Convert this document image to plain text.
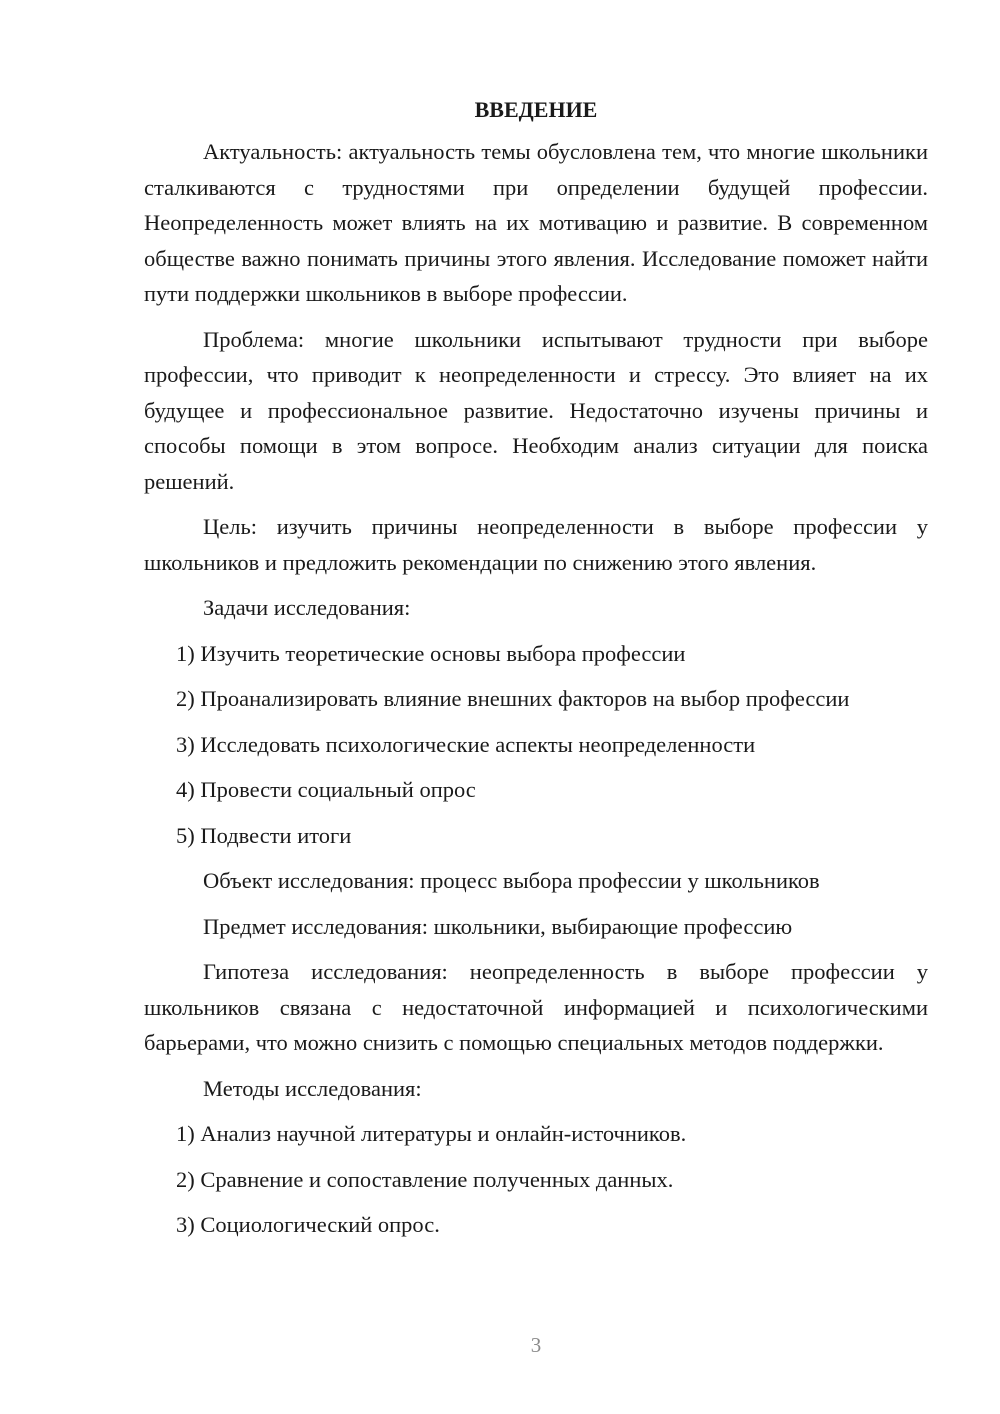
ВВЕДЕНИЕ

Актуальность: актуальность темы обусловлена тем, что многие школьники сталкиваются с трудностями при определении будущей профессии. Неопределенность может влиять на их мотивацию и развитие. В современном обществе важно понимать причины этого явления. Исследование поможет найти пути поддержки школьников в выборе профессии.

Проблема: многие школьники испытывают трудности при выборе профессии, что приводит к неопределенности и стрессу. Это влияет на их будущее и профессиональное развитие. Недостаточно изучены причины и способы помощи в этом вопросе. Необходим анализ ситуации для поиска решений.

Цель: изучить причины неопределенности в выборе профессии у школьников и предложить рекомендации по снижению этого явления.

Задачи исследования:
1) Изучить теоретические основы выбора профессии
2) Проанализировать влияние внешних факторов на выбор профессии
3) Исследовать психологические аспекты неопределенности
4) Провести социальный опрос
5) Подвести итоги
Объект исследования: процесс выбора профессии у школьников
Предмет исследования: школьники, выбирающие профессию

Гипотеза исследования: неопределенность в выборе профессии у школьников связана с недостаточной информацией и психологическими барьерами, что можно снизить с помощью специальных методов поддержки.

Методы исследования:
1) Анализ научной литературы и онлайн-источников.
2) Сравнение и сопоставление полученных данных.
3) Социологический опрос.
3
